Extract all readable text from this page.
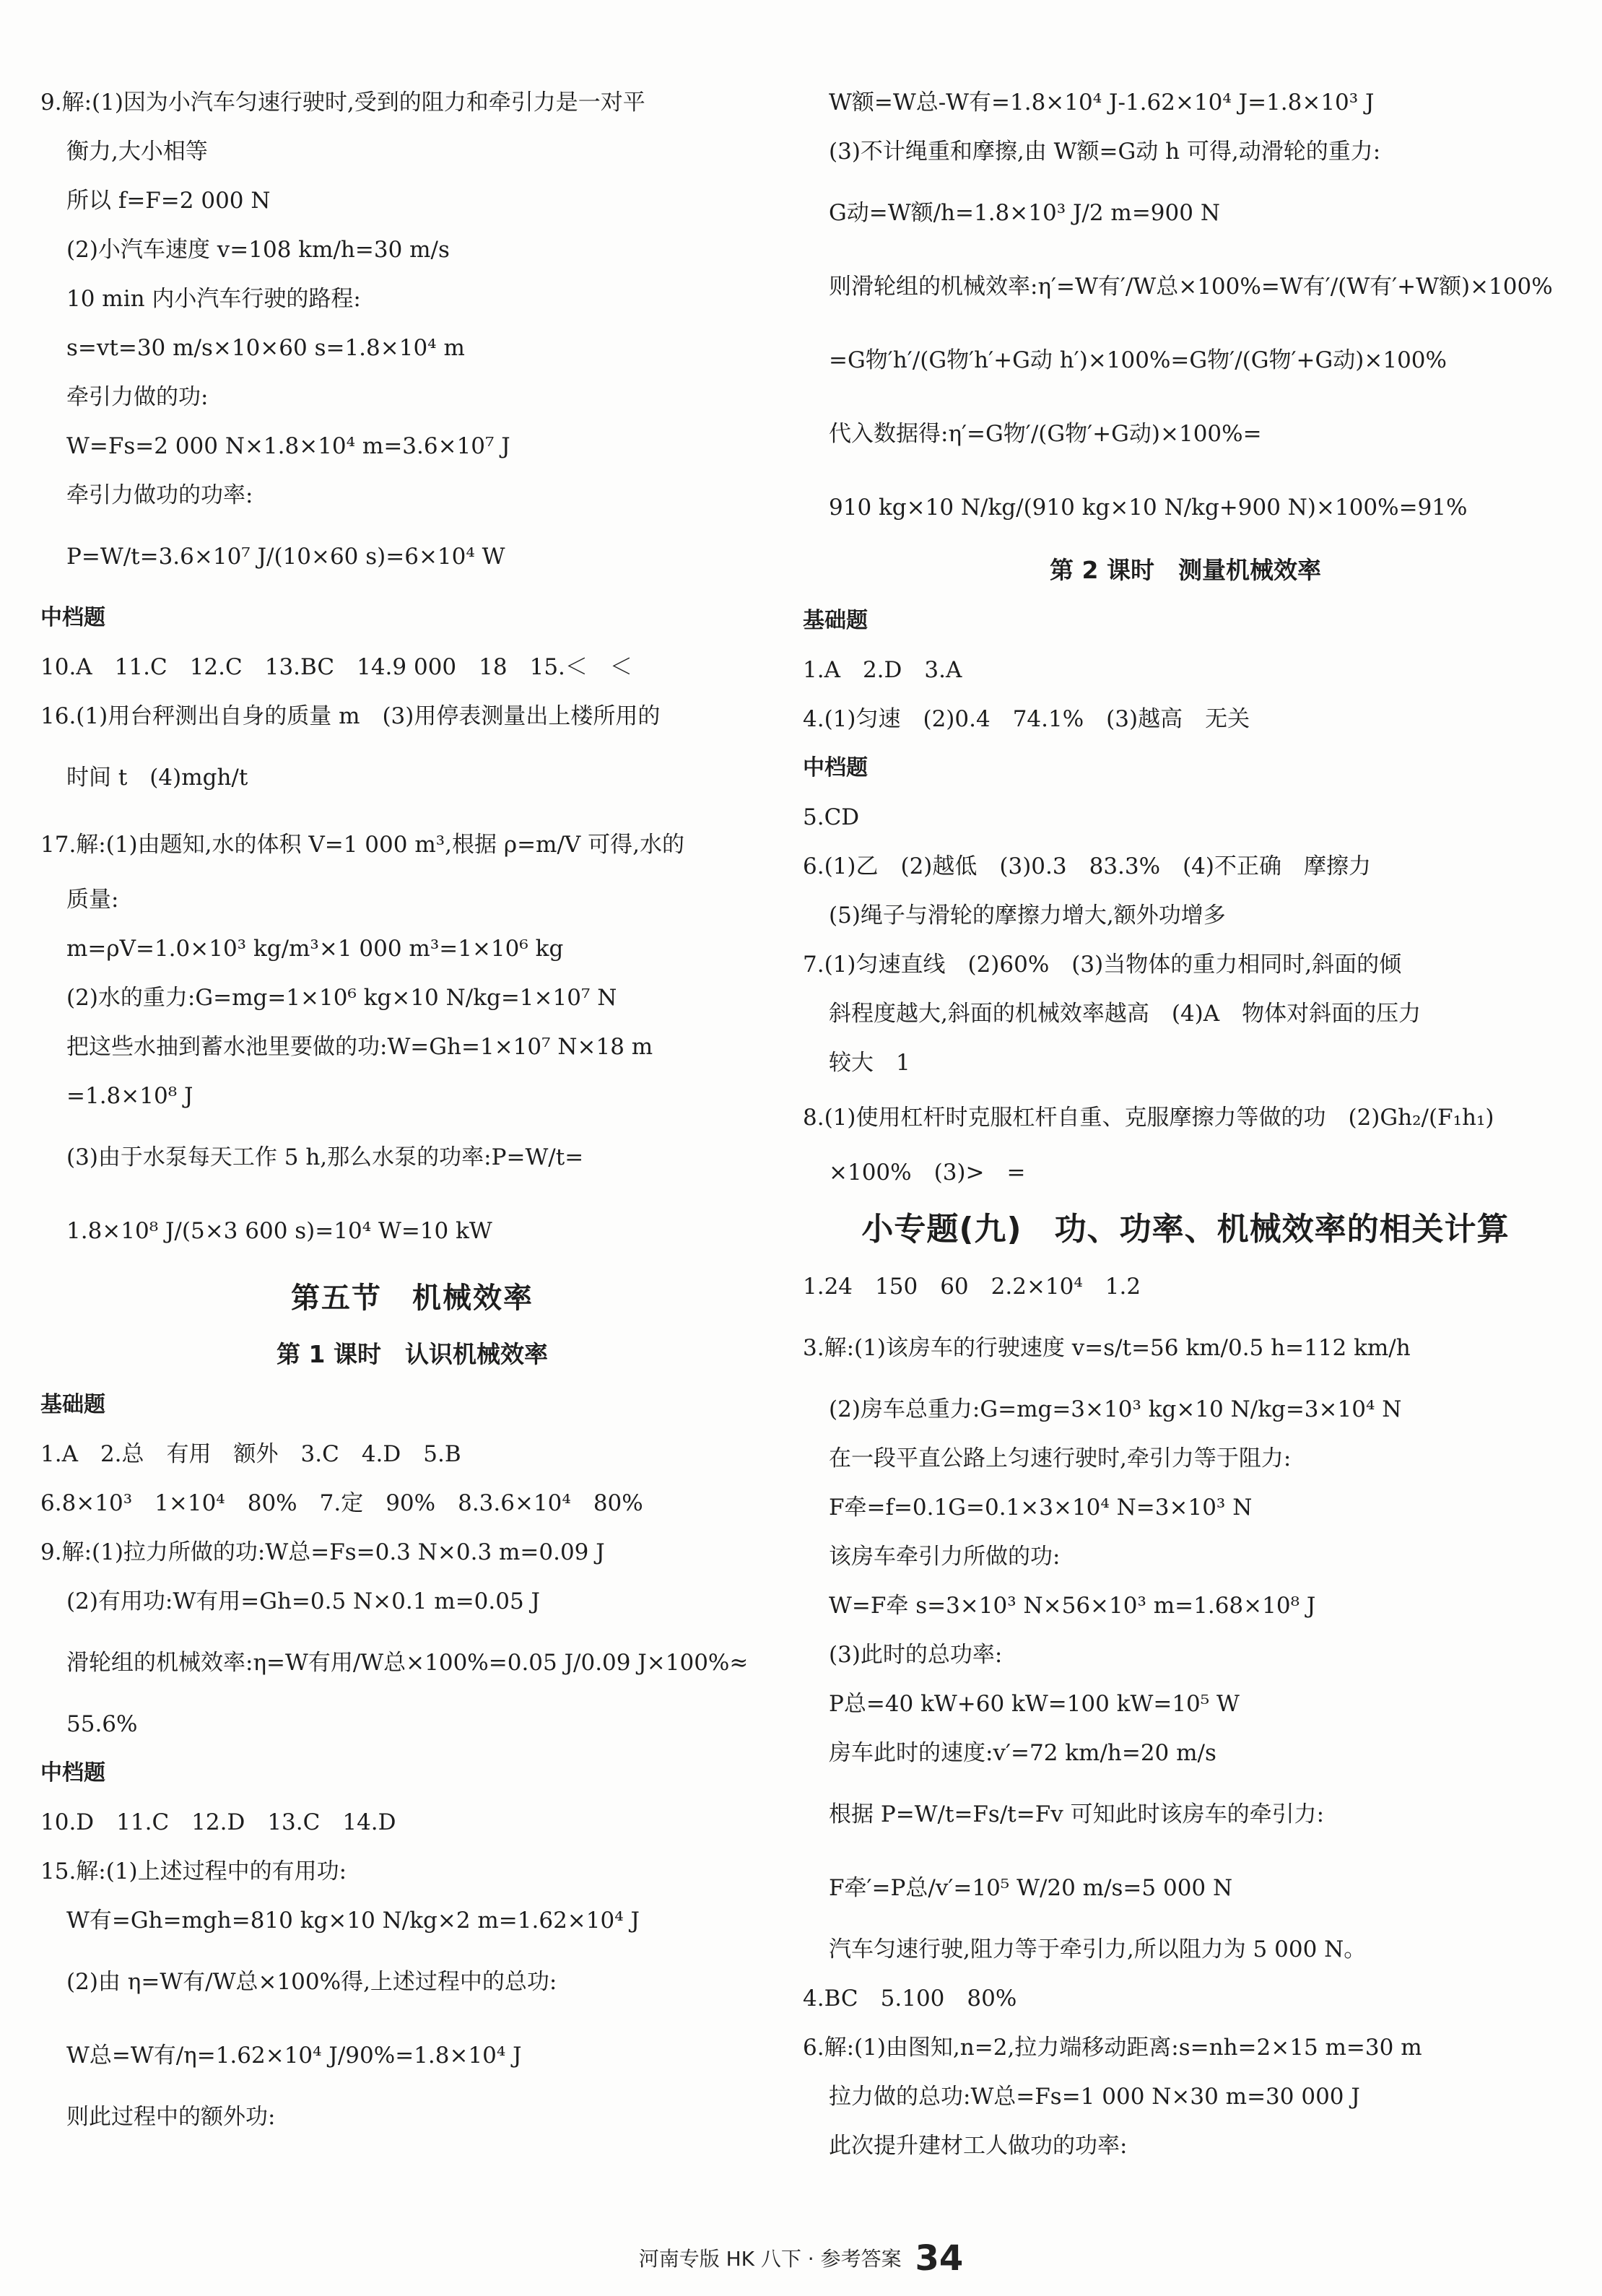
9.解:(1)因为小汽车匀速行驶时,受到的阻力和牵引力是一对平
衡力,大小相等
所以 f=F=2 000 N
(2)小汽车速度 v=108 km/h=30 m/s
10 min 内小汽车行驶的路程:
s=vt=30 m/s×10×60 s=1.8×10⁴ m
牵引力做的功:
W=Fs=2 000 N×1.8×10⁴ m=3.6×10⁷ J
牵引力做功的功率:
P=W/t=3.6×10⁷ J/(10×60 s)=6×10⁴ W
中档题
10.A　11.C　12.C　13.BC　14.9 000　18　15.＜　＜
16.(1)用台秤测出自身的质量 m　(3)用停表测量出上楼所用的
时间 t　(4)mgh/t
17.解:(1)由题知,水的体积 V=1 000 m³,根据 ρ=m/V 可得,水的
质量:
m=ρV=1.0×10³ kg/m³×1 000 m³=1×10⁶ kg
(2)水的重力:G=mg=1×10⁶ kg×10 N/kg=1×10⁷ N
把这些水抽到蓄水池里要做的功:W=Gh=1×10⁷ N×18 m
=1.8×10⁸ J
(3)由于水泵每天工作 5 h,那么水泵的功率:P=W/t=
1.8×10⁸ J/(5×3 600 s)=10⁴ W=10 kW
第五节　机械效率
第 1 课时　认识机械效率
基础题
1.A　2.总　有用　额外　3.C　4.D　5.B
6.8×10³　1×10⁴　80%　7.定　90%　8.3.6×10⁴　80%
9.解:(1)拉力所做的功:W总=Fs=0.3 N×0.3 m=0.09 J
(2)有用功:W有用=Gh=0.5 N×0.1 m=0.05 J
滑轮组的机械效率:η=W有用/W总×100%=0.05 J/0.09 J×100%≈
55.6%
中档题
10.D　11.C　12.D　13.C　14.D
15.解:(1)上述过程中的有用功:
W有=Gh=mgh=810 kg×10 N/kg×2 m=1.62×10⁴ J
(2)由 η=W有/W总×100%得,上述过程中的总功:
W总=W有/η=1.62×10⁴ J/90%=1.8×10⁴ J
则此过程中的额外功:
W额=W总-W有=1.8×10⁴ J-1.62×10⁴ J=1.8×10³ J
(3)不计绳重和摩擦,由 W额=G动 h 可得,动滑轮的重力:
G动=W额/h=1.8×10³ J/2 m=900 N
则滑轮组的机械效率:η′=W有′/W总×100%=W有′/(W有′+W额)×100%
=G物′h′/(G物′h′+G动 h′)×100%=G物′/(G物′+G动)×100%
代入数据得:η′=G物′/(G物′+G动)×100%=
910 kg×10 N/kg/(910 kg×10 N/kg+900 N)×100%=91%
第 2 课时　测量机械效率
基础题
1.A　2.D　3.A
4.(1)匀速　(2)0.4　74.1%　(3)越高　无关
中档题
5.CD
6.(1)乙　(2)越低　(3)0.3　83.3%　(4)不正确　摩擦力
(5)绳子与滑轮的摩擦力增大,额外功增多
7.(1)匀速直线　(2)60%　(3)当物体的重力相同时,斜面的倾
斜程度越大,斜面的机械效率越高　(4)A　物体对斜面的压力
较大　1
8.(1)使用杠杆时克服杠杆自重、克服摩擦力等做的功　(2)Gh₂/(F₁h₁)
×100%　(3)>　=
小专题(九)　功、功率、机械效率的相关计算
1.24　150　60　2.2×10⁴　1.2
3.解:(1)该房车的行驶速度 v=s/t=56 km/0.5 h=112 km/h
(2)房车总重力:G=mg=3×10³ kg×10 N/kg=3×10⁴ N
在一段平直公路上匀速行驶时,牵引力等于阻力:
F牵=f=0.1G=0.1×3×10⁴ N=3×10³ N
该房车牵引力所做的功:
W=F牵 s=3×10³ N×56×10³ m=1.68×10⁸ J
(3)此时的总功率:
P总=40 kW+60 kW=100 kW=10⁵ W
房车此时的速度:v′=72 km/h=20 m/s
根据 P=W/t=Fs/t=Fv 可知此时该房车的牵引力:
F牵′=P总/v′=10⁵ W/20 m/s=5 000 N
汽车匀速行驶,阻力等于牵引力,所以阻力为 5 000 N。
4.BC　5.100　80%
6.解:(1)由图知,n=2,拉力端移动距离:s=nh=2×15 m=30 m
拉力做的总功:W总=Fs=1 000 N×30 m=30 000 J
此次提升建材工人做功的功率:
河南专版 HK 八下 · 参考答案 34
